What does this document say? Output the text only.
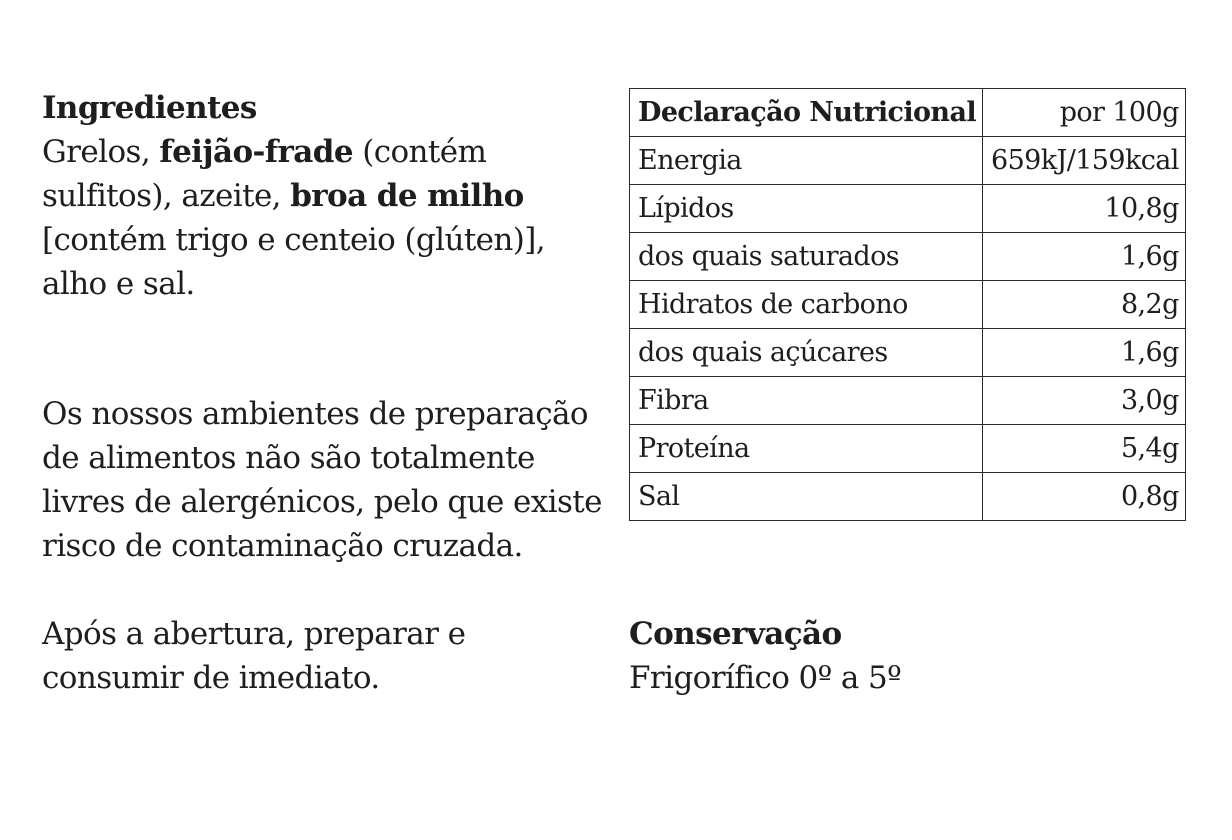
Ingredientes
Grelos, feijão-frade (contém sulfitos), azeite, broa de milho [contém trigo e centeio (glúten)], alho e sal.
Os nossos ambientes de preparação de alimentos não são totalmente livres de alergénicos, pelo que existe risco de contaminação cruzada.
Após a abertura, preparar e consumir de imediato.
Conservação
Frigorífico 0º a 5º
Declaração Nutricional	por 100g
Energia	659kJ/159kcal
Lípidos	10,8g
dos quais saturados	1,6g
Hidratos de carbono	8,2g
dos quais açúcares	1,6g
Fibra	3,0g
Proteína	5,4g
Sal	0,8g
